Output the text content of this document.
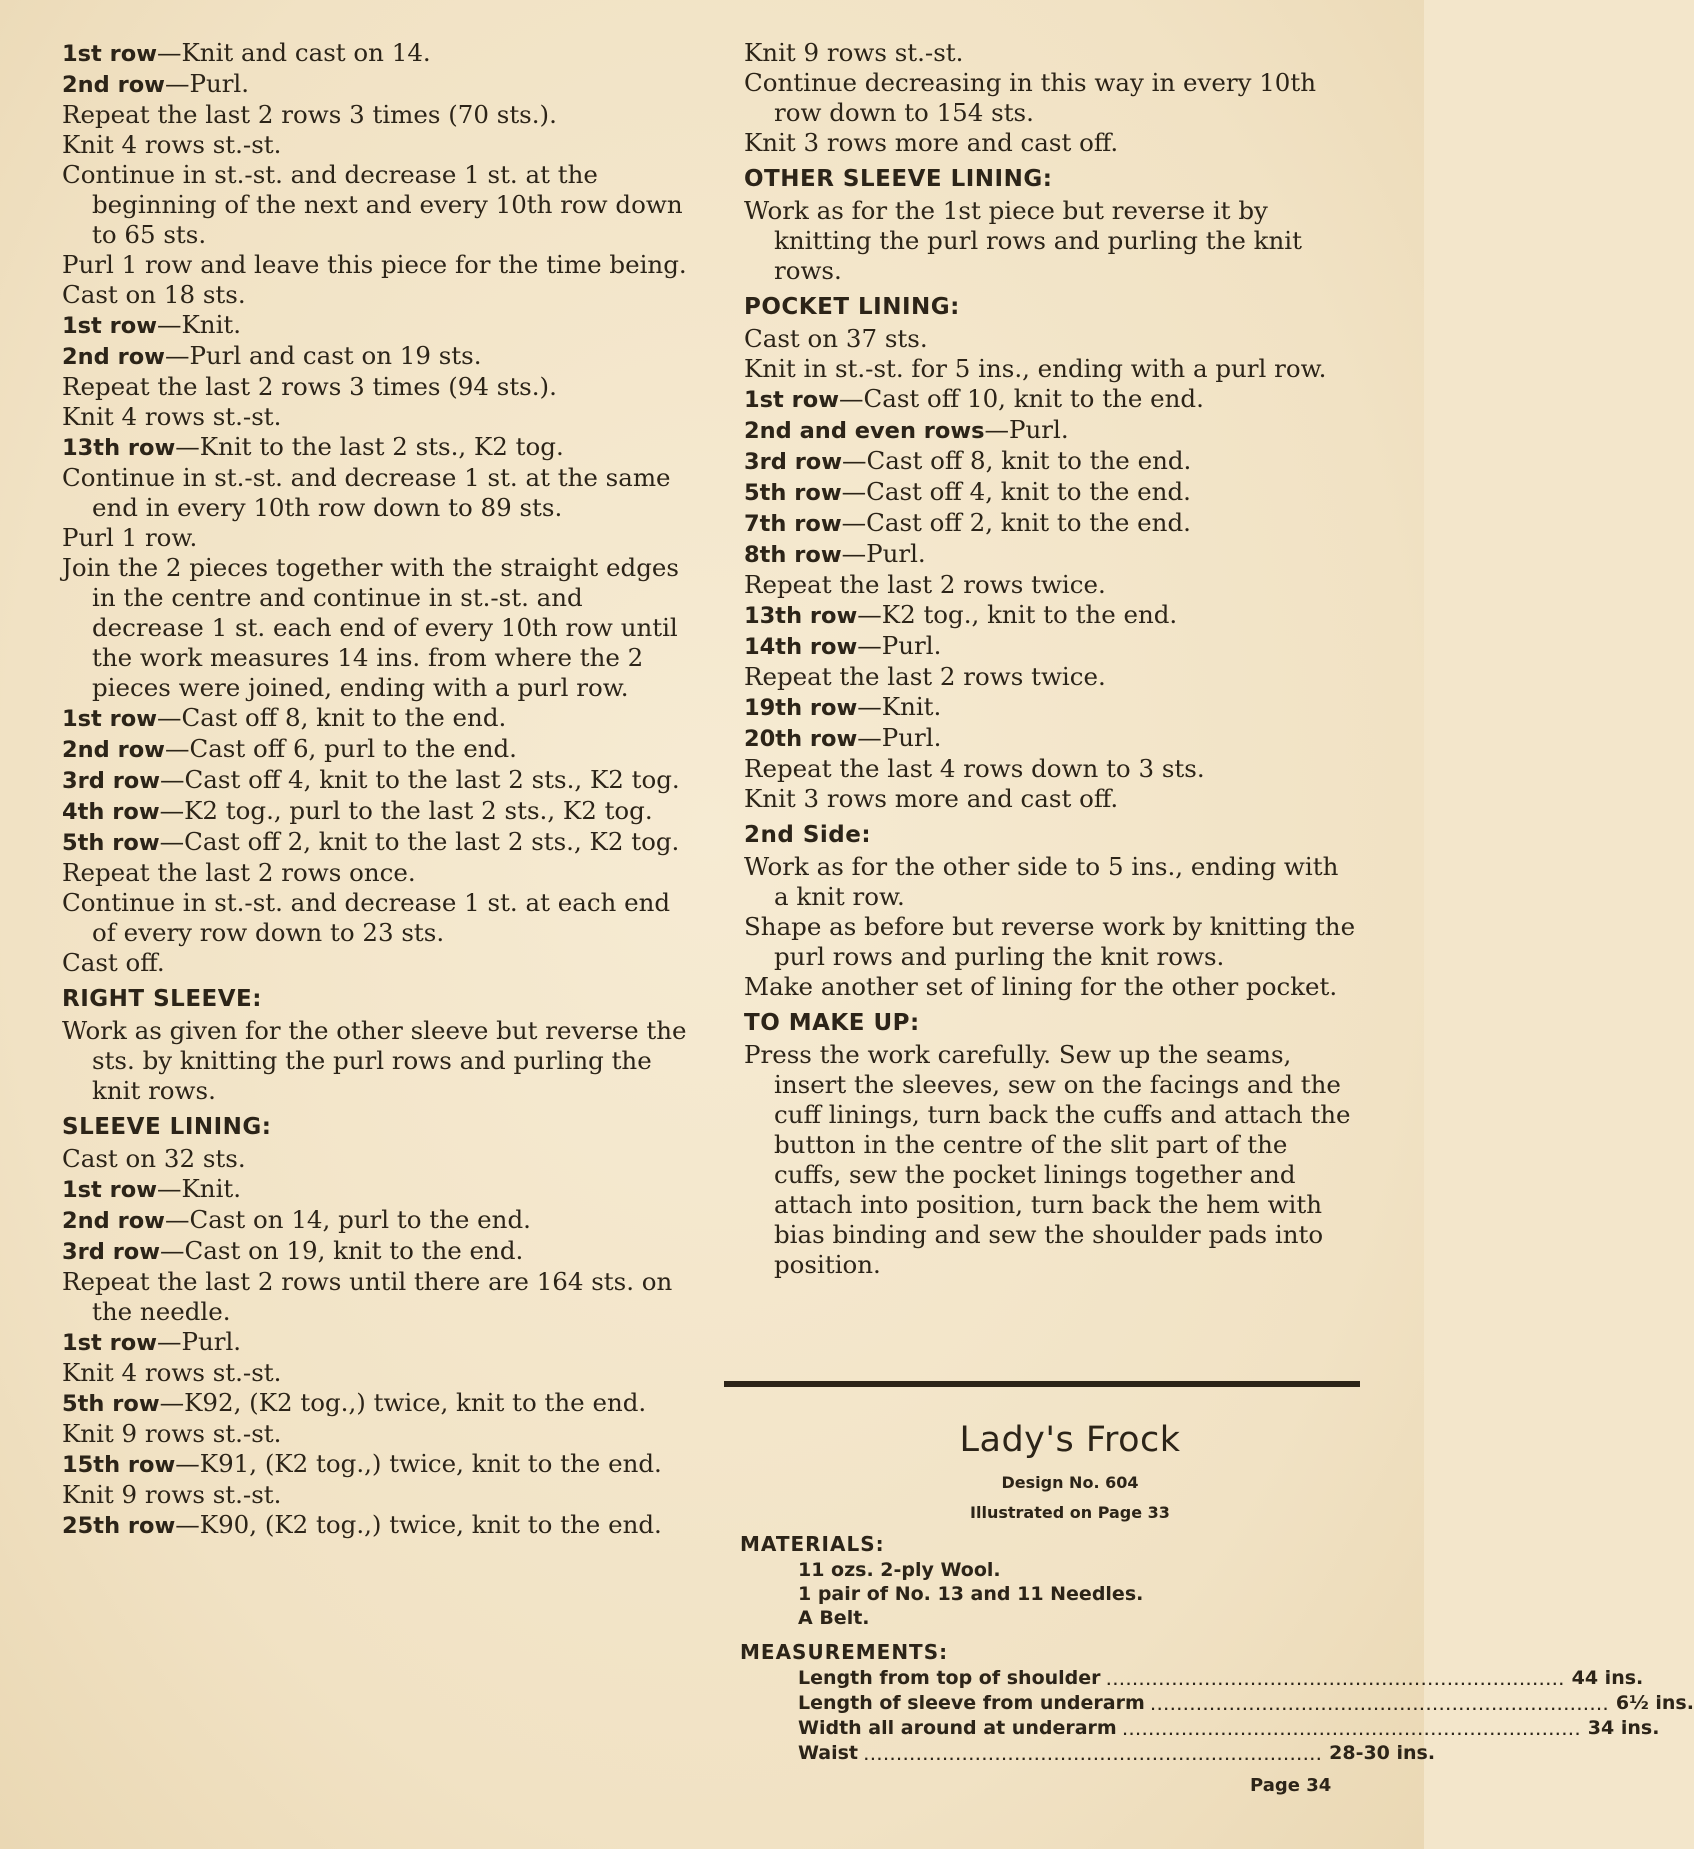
1st row—Knit and cast on 14.

2nd row—Purl.

Repeat the last 2 rows 3 times (70 sts.).

Knit 4 rows st.-st.

Continue in st.-st. and decrease 1 st. at the beginning of the next and every 10th row down to 65 sts.

Purl 1 row and leave this piece for the time being.

Cast on 18 sts.

1st row—Knit.

2nd row—Purl and cast on 19 sts.

Repeat the last 2 rows 3 times (94 sts.).

Knit 4 rows st.-st.

13th row—Knit to the last 2 sts., K2 tog.

Continue in st.-st. and decrease 1 st. at the same end in every 10th row down to 89 sts.

Purl 1 row.

Join the 2 pieces together with the straight edges in the centre and continue in st.-st. and decrease 1 st. each end of every 10th row until the work measures 14 ins. from where the 2 pieces were joined, ending with a purl row.

1st row—Cast off 8, knit to the end.

2nd row—Cast off 6, purl to the end.

3rd row—Cast off 4, knit to the last 2 sts., K2 tog.

4th row—K2 tog., purl to the last 2 sts., K2 tog.

5th row—Cast off 2, knit to the last 2 sts., K2 tog.

Repeat the last 2 rows once.

Continue in st.-st. and decrease 1 st. at each end of every row down to 23 sts.

Cast off.

RIGHT SLEEVE:

Work as given for the other sleeve but reverse the sts. by knitting the purl rows and purling the knit rows.

SLEEVE LINING:

Cast on 32 sts.

1st row—Knit.

2nd row—Cast on 14, purl to the end.

3rd row—Cast on 19, knit to the end.

Repeat the last 2 rows until there are 164 sts. on the needle.

1st row—Purl.

Knit 4 rows st.-st.

5th row—K92, (K2 tog.,) twice, knit to the end.

Knit 9 rows st.-st.

15th row—K91, (K2 tog.,) twice, knit to the end.

Knit 9 rows st.-st.

25th row—K90, (K2 tog.,) twice, knit to the end.

Knit 9 rows st.-st.

Continue decreasing in this way in every 10th row down to 154 sts.

Knit 3 rows more and cast off.

OTHER SLEEVE LINING:

Work as for the 1st piece but reverse it by knitting the purl rows and purling the knit rows.

POCKET LINING:

Cast on 37 sts.

Knit in st.-st. for 5 ins., ending with a purl row.

1st row—Cast off 10, knit to the end.

2nd and even rows—Purl.

3rd row—Cast off 8, knit to the end.

5th row—Cast off 4, knit to the end.

7th row—Cast off 2, knit to the end.

8th row—Purl.

Repeat the last 2 rows twice.

13th row—K2 tog., knit to the end.

14th row—Purl.

Repeat the last 2 rows twice.

19th row—Knit.

20th row—Purl.

Repeat the last 4 rows down to 3 sts.

Knit 3 rows more and cast off.

2nd Side:

Work as for the other side to 5 ins., ending with a knit row.

Shape as before but reverse work by knitting the purl rows and purling the knit rows.

Make another set of lining for the other pocket.

TO MAKE UP:

Press the work carefully. Sew up the seams, insert the sleeves, sew on the facings and the cuff linings, turn back the cuffs and attach the button in the centre of the slit part of the cuffs, sew the pocket linings together and attach into position, turn back the hem with bias binding and sew the shoulder pads into position.

Lady's Frock
Design No. 604
Illustrated on Page 33
MATERIALS:
11 ozs. 2-ply Wool.
1 pair of No. 13 and 11 Needles.
A Belt.
MEASUREMENTS:
Length from top of shoulder ...................................................................... 44 ins.
Length of sleeve from underarm ...................................................................... 6½ ins.
Width all around at underarm ...................................................................... 34 ins.
Waist ...................................................................... 28-30 ins.
Page 34
